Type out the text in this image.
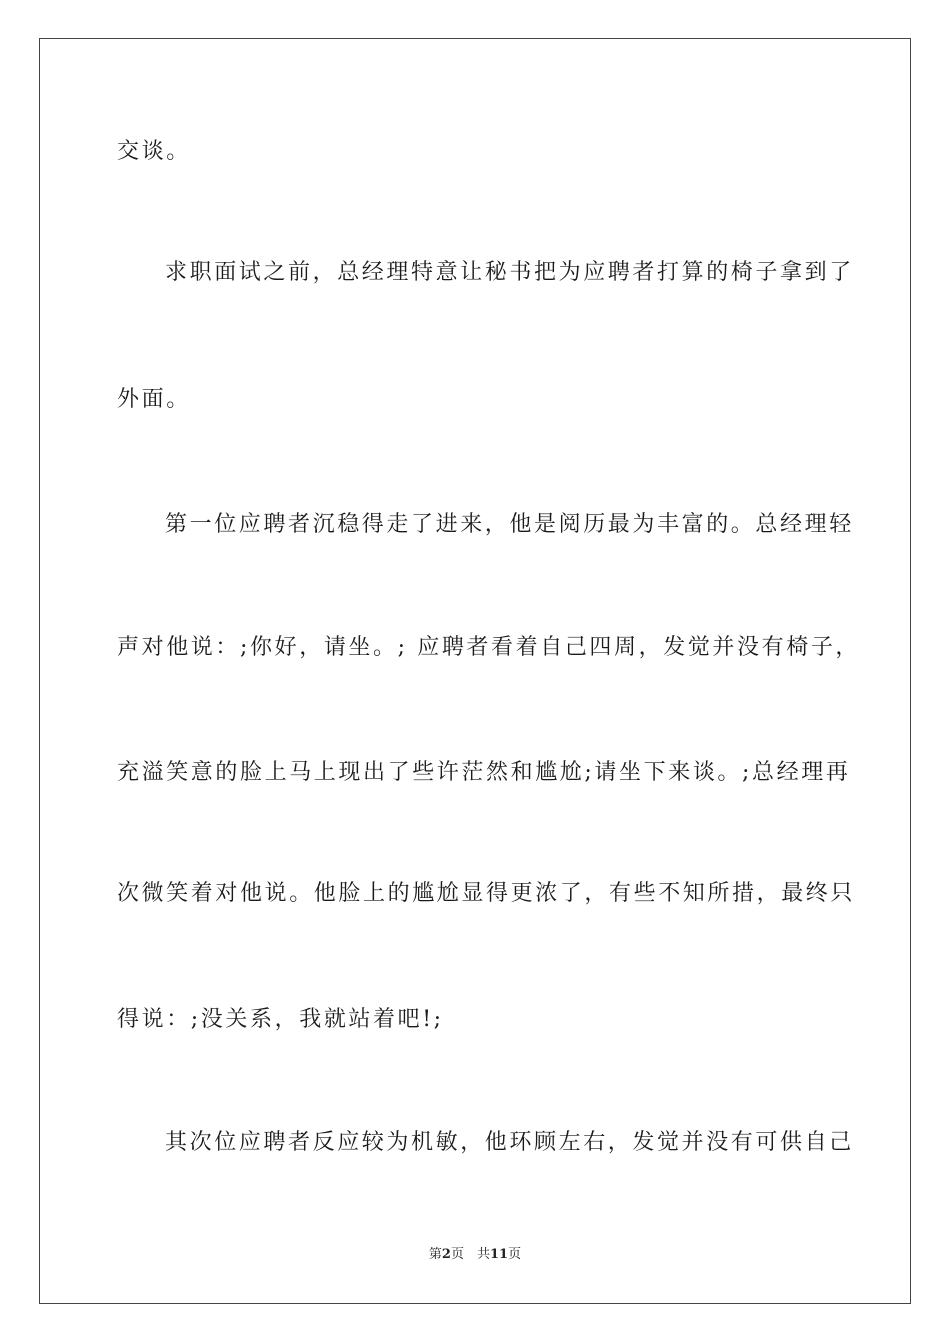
交谈。
求职面试之前，总经理特意让秘书把为应聘者打算的椅子拿到了
外面。
第一位应聘者沉稳得走了进来，他是阅历最为丰富的。总经理轻
声对他说：;你好，请坐。; 应聘者看着自己四周，发觉并没有椅子，
充溢笑意的脸上马上现出了些许茫然和尴尬;请坐下来谈。;总经理再
次微笑着对他说。他脸上的尴尬显得更浓了，有些不知所措，最终只
得说：;没关系，我就站着吧!;
其次位应聘者反应较为机敏，他环顾左右，发觉并没有可供自己
第2页　共11页
